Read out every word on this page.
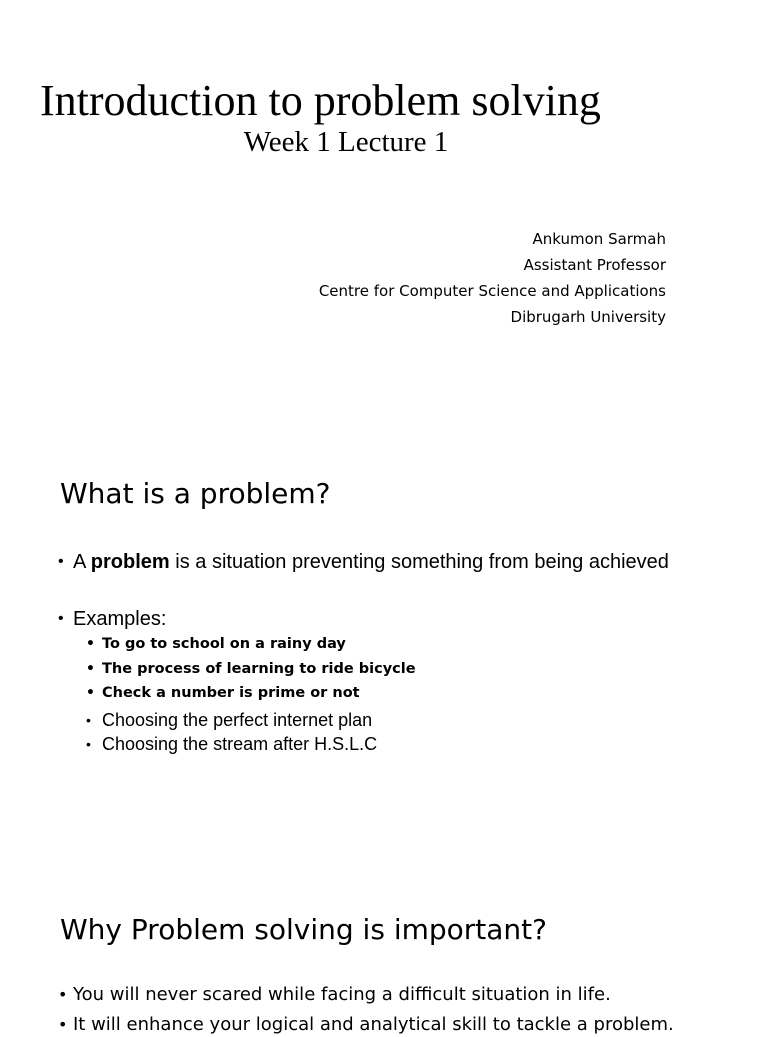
Introduction to problem solving
Week 1 Lecture 1
Ankumon Sarmah
Assistant Professor
Centre for Computer Science and Applications
Dibrugarh University
What is a problem?
• A problem is a situation preventing something from being achieved
• Examples:
• To go to school on a rainy day
• The process of learning to ride bicycle
• Check a number is prime or not
• Choosing the perfect internet plan
• Choosing the stream after H.S.L.C
Why Problem solving is important?
• You will never scared while facing a difficult situation in life.
• It will enhance your logical and analytical skill to tackle a problem.
